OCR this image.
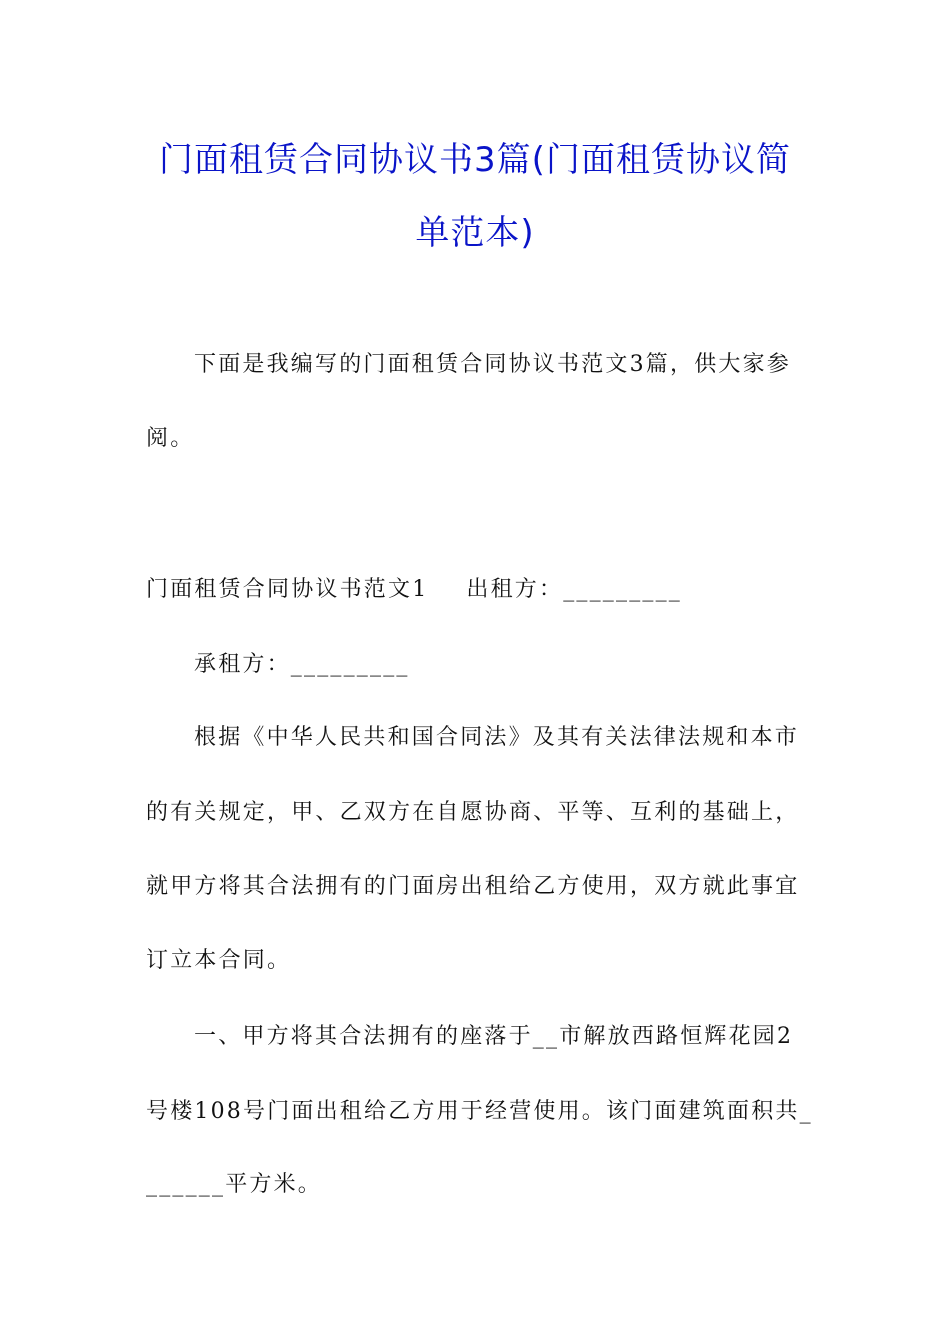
门面租赁合同协议书3篇(门面租赁协议简
单范本)
下面是我编写的门面租赁合同协议书范文3篇，供大家参
阅。
门面租赁合同协议书范文1 出租方：_________
承租方：_________
根据《中华人民共和国合同法》及其有关法律法规和本市
的有关规定，甲、乙双方在自愿协商、平等、互利的基础上，
就甲方将其合法拥有的门面房出租给乙方使用，双方就此事宜
订立本合同。
一、甲方将其合法拥有的座落于__市解放西路恒辉花园2
号楼108号门面出租给乙方用于经营使用。该门面建筑面积共_
______平方米。
